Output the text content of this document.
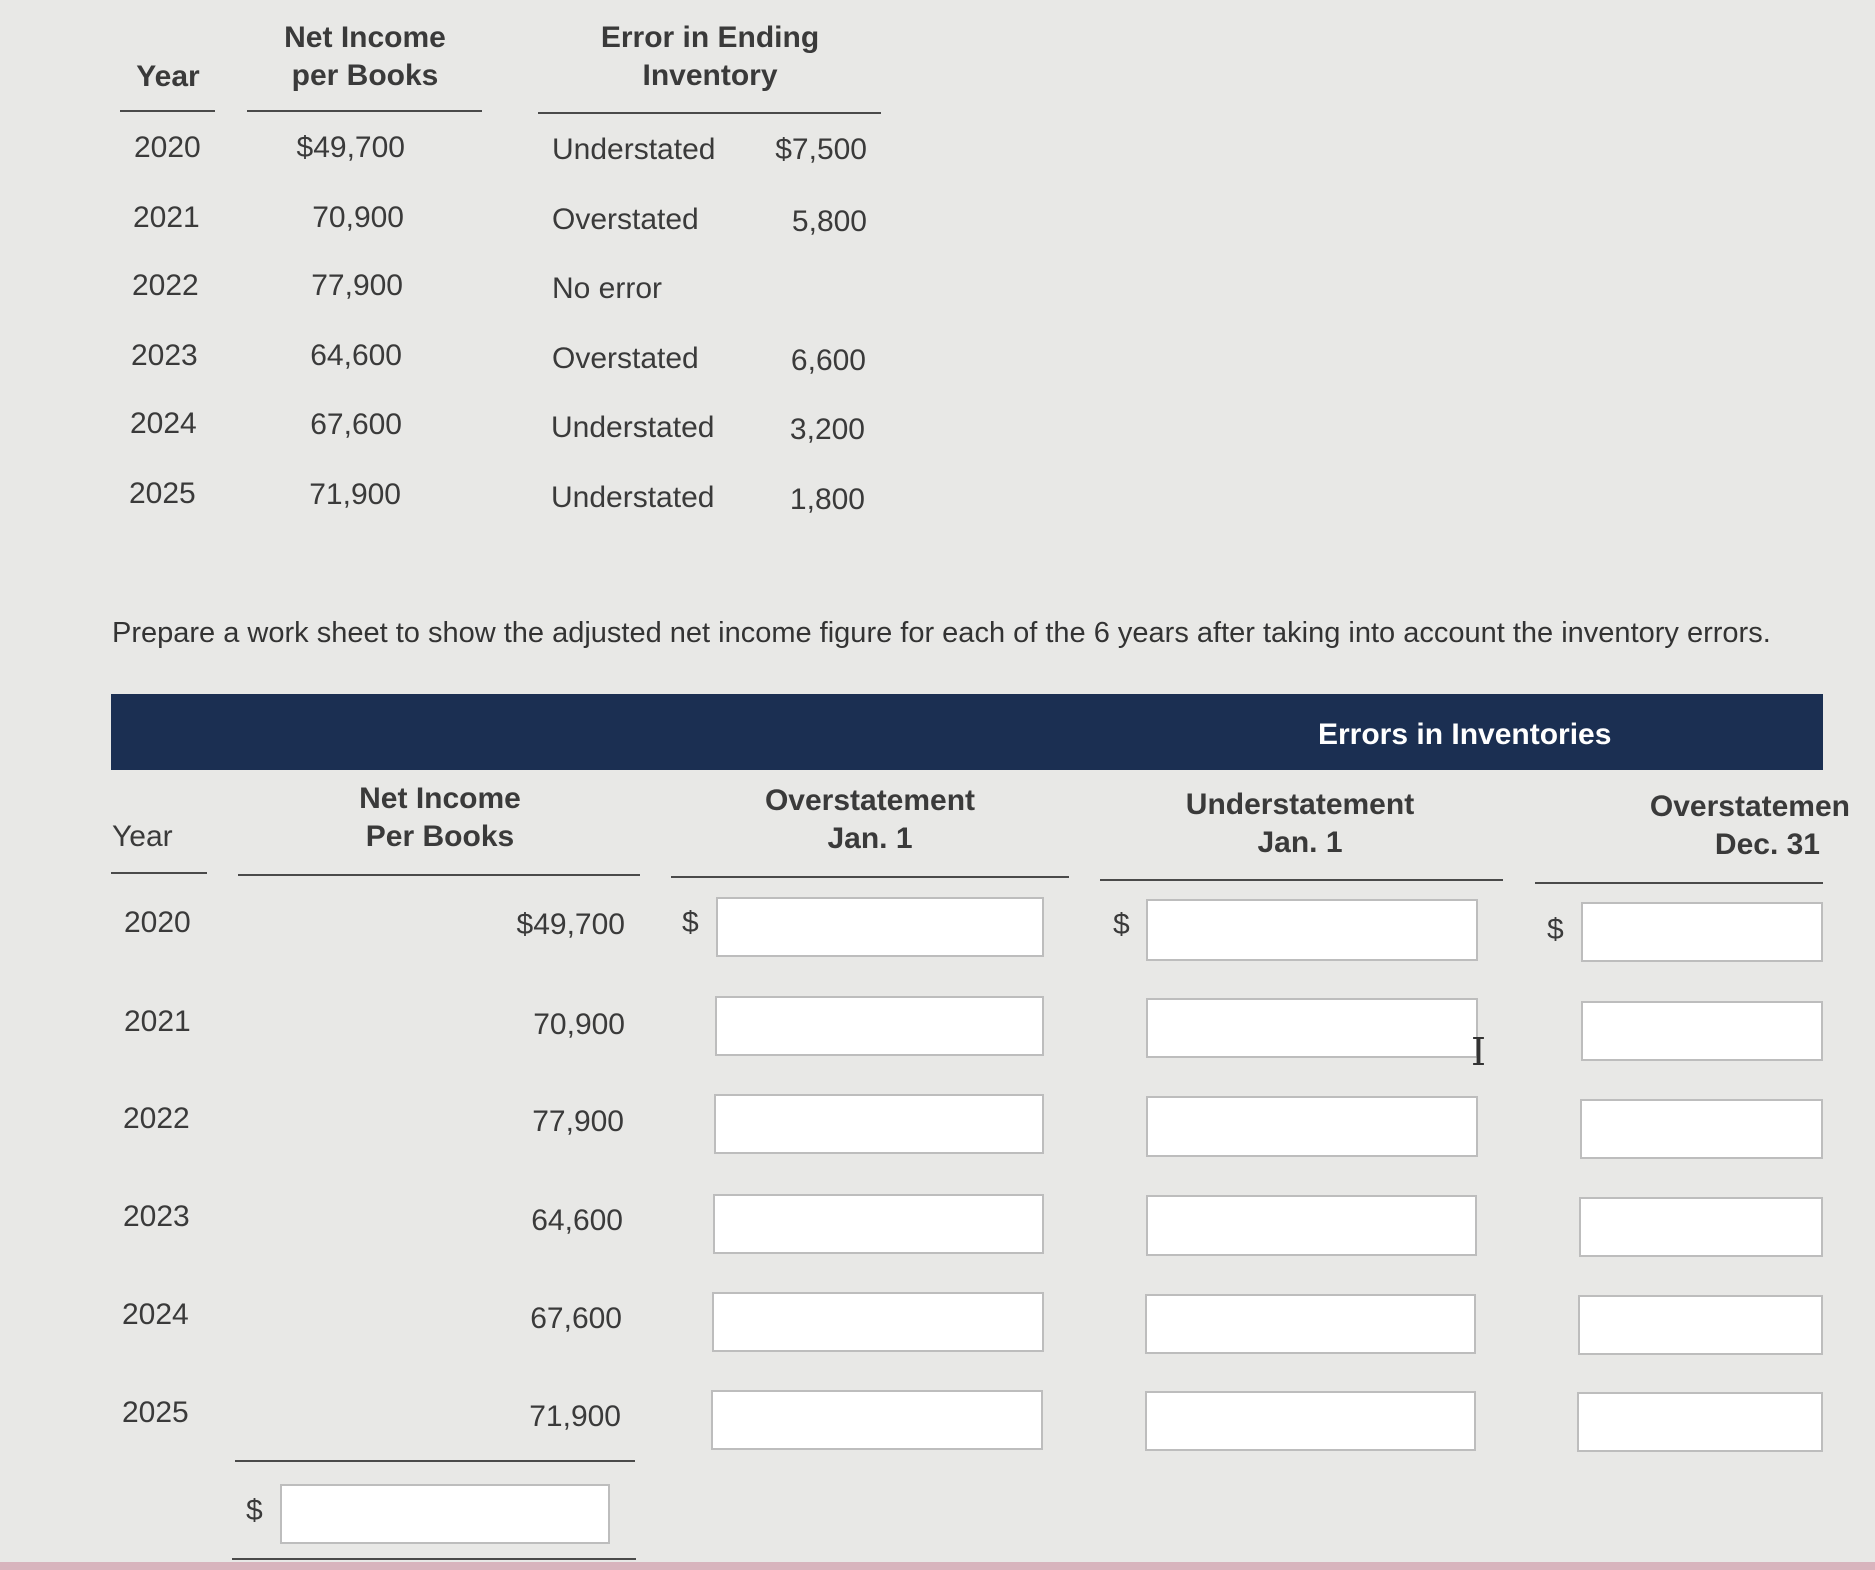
Year
Net Income
per Books
Error in Ending
Inventory
2020	$49,700	Understated	$7,500
2021	70,900	Overstated	5,800
2022	77,900	No error
2023	64,600	Overstated	6,600
2024	67,600	Understated	3,200
2025	71,900	Understated	1,800
Prepare a work sheet to show the adjusted net income figure for each of the 6 years after taking into account the inventory errors.
Errors in Inventories
Year
Net Income
Per Books
Overstatement
Jan. 1
Understatement
Jan. 1
Overstatemen
Dec. 31
2020	$49,700 $	$	$
2021	70,900
I
2022	77,900
2023	64,600
2024	67,600
2025	71,900
$
